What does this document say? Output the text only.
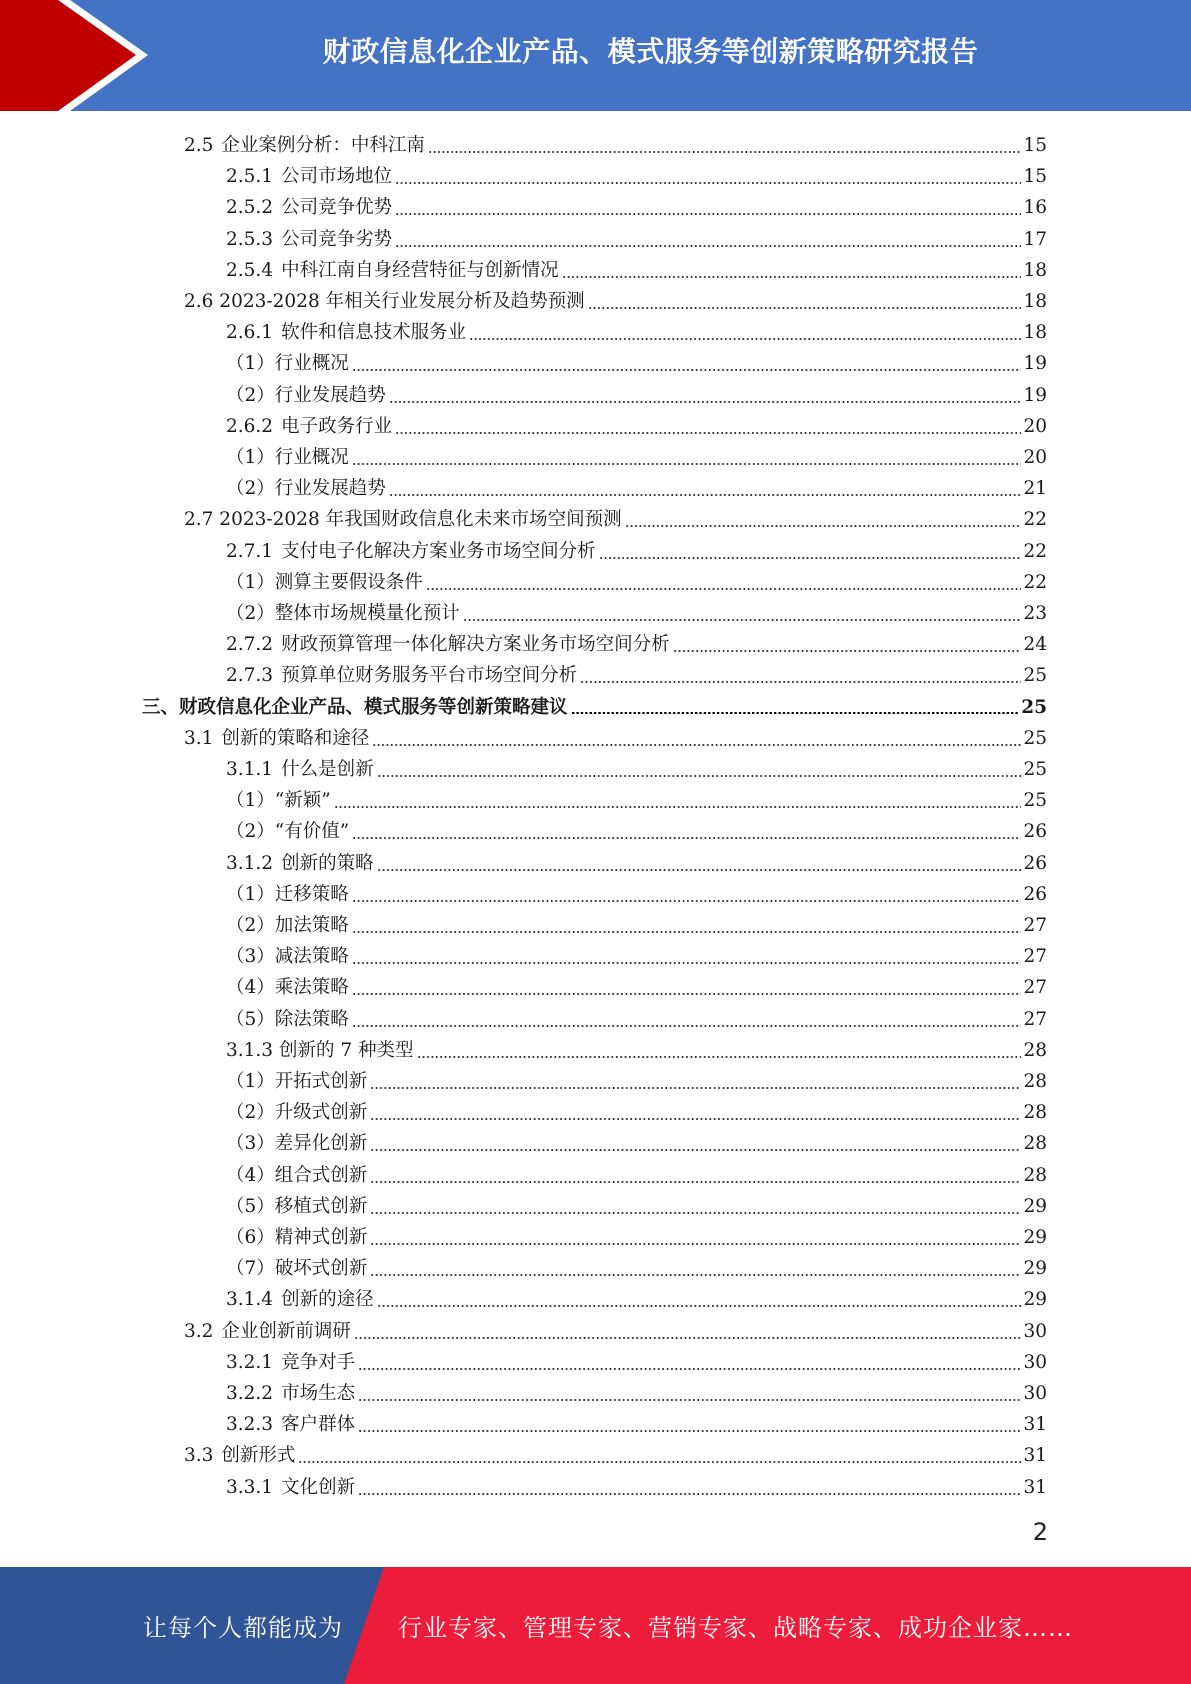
财政信息化企业产品、模式服务等创新策略研究报告
2.5 企业案例分析：中科江南	15
2.5.1 公司市场地位	15
2.5.2 公司竞争优势	16
2.5.3 公司竞争劣势	17
2.5.4 中科江南自身经营特征与创新情况	18
2.6 2023-2028 年相关行业发展分析及趋势预测	18
2.6.1 软件和信息技术服务业	18
（1）行业概况	19
（2）行业发展趋势	19
2.6.2 电子政务行业	20
（1）行业概况	20
（2）行业发展趋势	21
2.7 2023-2028 年我国财政信息化未来市场空间预测	22
2.7.1 支付电子化解决方案业务市场空间分析	22
（1）测算主要假设条件	22
（2）整体市场规模量化预计	23
2.7.2 财政预算管理一体化解决方案业务市场空间分析	24
2.7.3 预算单位财务服务平台市场空间分析	25
三、财政信息化企业产品、模式服务等创新策略建议	25
3.1 创新的策略和途径	25
3.1.1 什么是创新	25
（1）“新颖”	25
（2）“有价值”	26
3.1.2 创新的策略	26
（1）迁移策略	26
（2）加法策略	27
（3）减法策略	27
（4）乘法策略	27
（5）除法策略	27
3.1.3 创新的 7 种类型	28
（1）开拓式创新	28
（2）升级式创新	28
（3）差异化创新	28
（4）组合式创新	28
（5）移植式创新	29
（6）精神式创新	29
（7）破坏式创新	29
3.1.4 创新的途径	29
3.2 企业创新前调研	30
3.2.1 竞争对手	30
3.2.2 市场生态	30
3.2.3 客户群体	31
3.3 创新形式	31
3.3.1 文化创新	31
2
让每个人都能成为 行业专家、管理专家、营销专家、战略专家、成功企业家……
